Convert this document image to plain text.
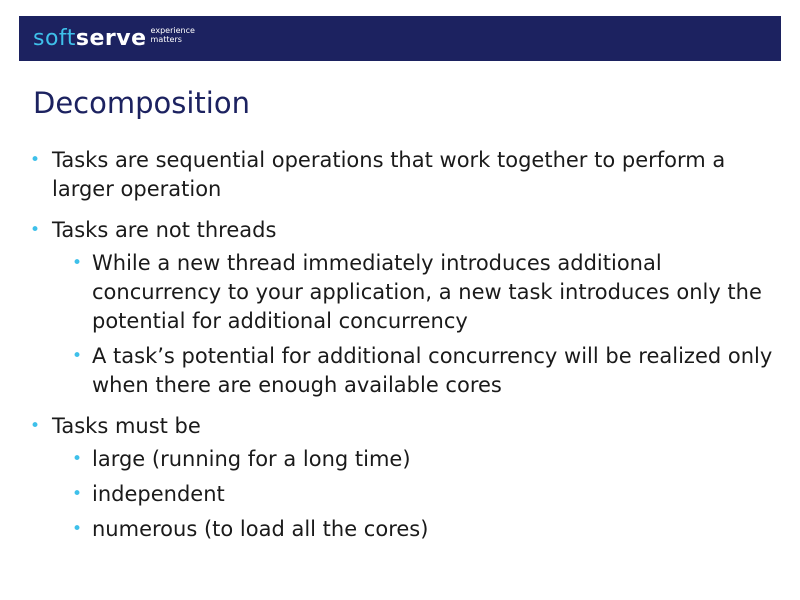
soft serve experience
matters
Decomposition
• Tasks are sequential operations that work together to perform a larger operation
• Tasks are not threads
• While a new thread immediately introduces additional concurrency to your application, a new task introduces only the potential for additional concurrency
• A task’s potential for additional concurrency will be realized only when there are enough available cores
• Tasks must be
• large (running for a long time)
• independent
• numerous (to load all the cores)
